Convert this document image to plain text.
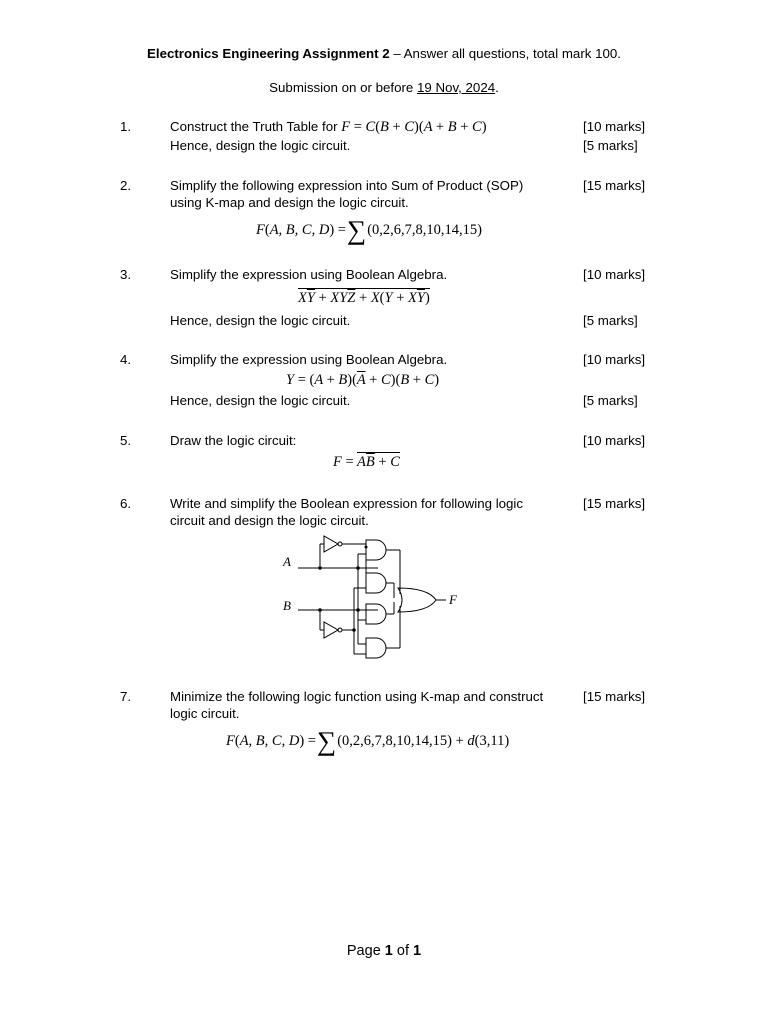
Electronics Engineering Assignment 2 – Answer all questions, total mark 100.
Submission on or before 19 Nov, 2024.
1.	Construct the Truth Table for F = C(B + C)(A + B + C)	[10 marks]
Hence, design the logic circuit.	[5 marks]
2.	Simplify the following expression into Sum of Product (SOP)	[15 marks]
using K-map and design the logic circuit.
F(A, B, C, D) =∑(0,2,6,7,8,10,14,15)
3.	Simplify the expression using Boolean Algebra.	[10 marks]
$X\overline{Y} + XY\overline{Z} + X(Y + X\overline{Y})$
Hence, design the logic circuit.	[5 marks]
4.	Simplify the expression using Boolean Algebra.	[10 marks]
$Y = (A + B)(\overline{A} + C)(B + C)$
Hence, design the logic circuit.	[5 marks]
5.	Draw the logic circuit:	[10 marks]
$F = A\overline{B} + C$
6.	Write and simplify the Boolean expression for following logic	[15 marks]
circuit and design the logic circuit.
A
B	F
7.	Minimize the following logic function using K-map and construct	[15 marks]
logic circuit.
F(A, B, C, D) =∑(0,2,6,7,8,10,14,15) + d(3,11)
Page 1 of 1
